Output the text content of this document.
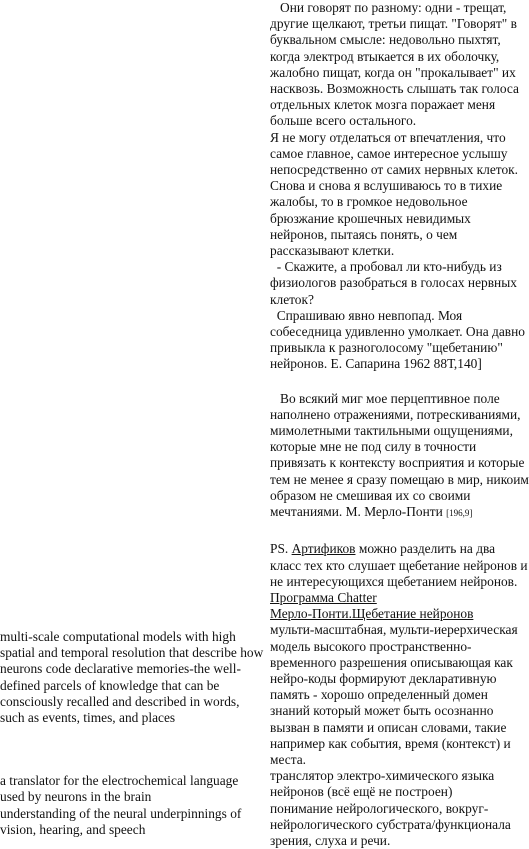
Они говорят по разному: одни - трещат, другие щелкают, третьи пищат. "Говорят" в буквальном смысле: недовольно пыхтят, когда электрод втыкается в их оболочку, жалобно пищат, когда он "прокалывает" их насквозь. Возможность слышать так голоса отдельных клеток мозга поражает меня больше всего остального.

Я не могу отделаться от впечатления, что самое главное, самое интересное услышу непосредственно от самих нервных клеток. Снова и снова я вслушиваюсь то в тихие жалобы, то в громкое недовольное брюзжание крошечных невидимых нейронов, пытаясь понять, о чем рассказывают клетки.

- Скажите, а пробовал ли кто-нибудь из физиологов разобраться в голосах нервных клеток?

Спрашиваю явно невпопад. Моя собеседница удивленно умолкает. Она давно привыкла к разноголосому "щебетанию" нейронов. Е. Сапарина 1962 88Т,140]

Во всякий миг мое перцептивное поле наполнено отражениями, потрескиваниями, мимолетными тактильными ощущениями, которые мне не под силу в точности привязать к контексту восприятия и которые тем не менее я сразу помещаю в мир, никоим образом не смешивая их со своими мечтаниями. М. Мерло-Понти [196,9]

PS. Артификов можно разделить на два класс тех кто слушает щебетание нейронов и не интересующихся щебетанием нейронов.

Программа Chatter

Мерло-Понти.Щебетание нейронов

мульти-масштабная, мульти-иерерхическая модель высокого пространственно-временного разрешения описывающая как нейро-коды формируют декларативную память - хорошо определенный домен знаний который может быть осознанно вызван в памяти и описан словами, такие например как события, время (контекст) и места.

транслятор электро-химического языка нейронов (всё ещё не построен)

понимание нейрологического, вокруг-нейрологического субстрата/функционала зрения, слуха и речи.

multi-scale computational models with high spatial and temporal resolution that describe how neurons code declarative memories-the well-defined parcels of knowledge that can be consciously recalled and described in words, such as events, times, and places

a translator for the electrochemical language used by neurons in the brain

understanding of the neural underpinnings of vision, hearing, and speech
